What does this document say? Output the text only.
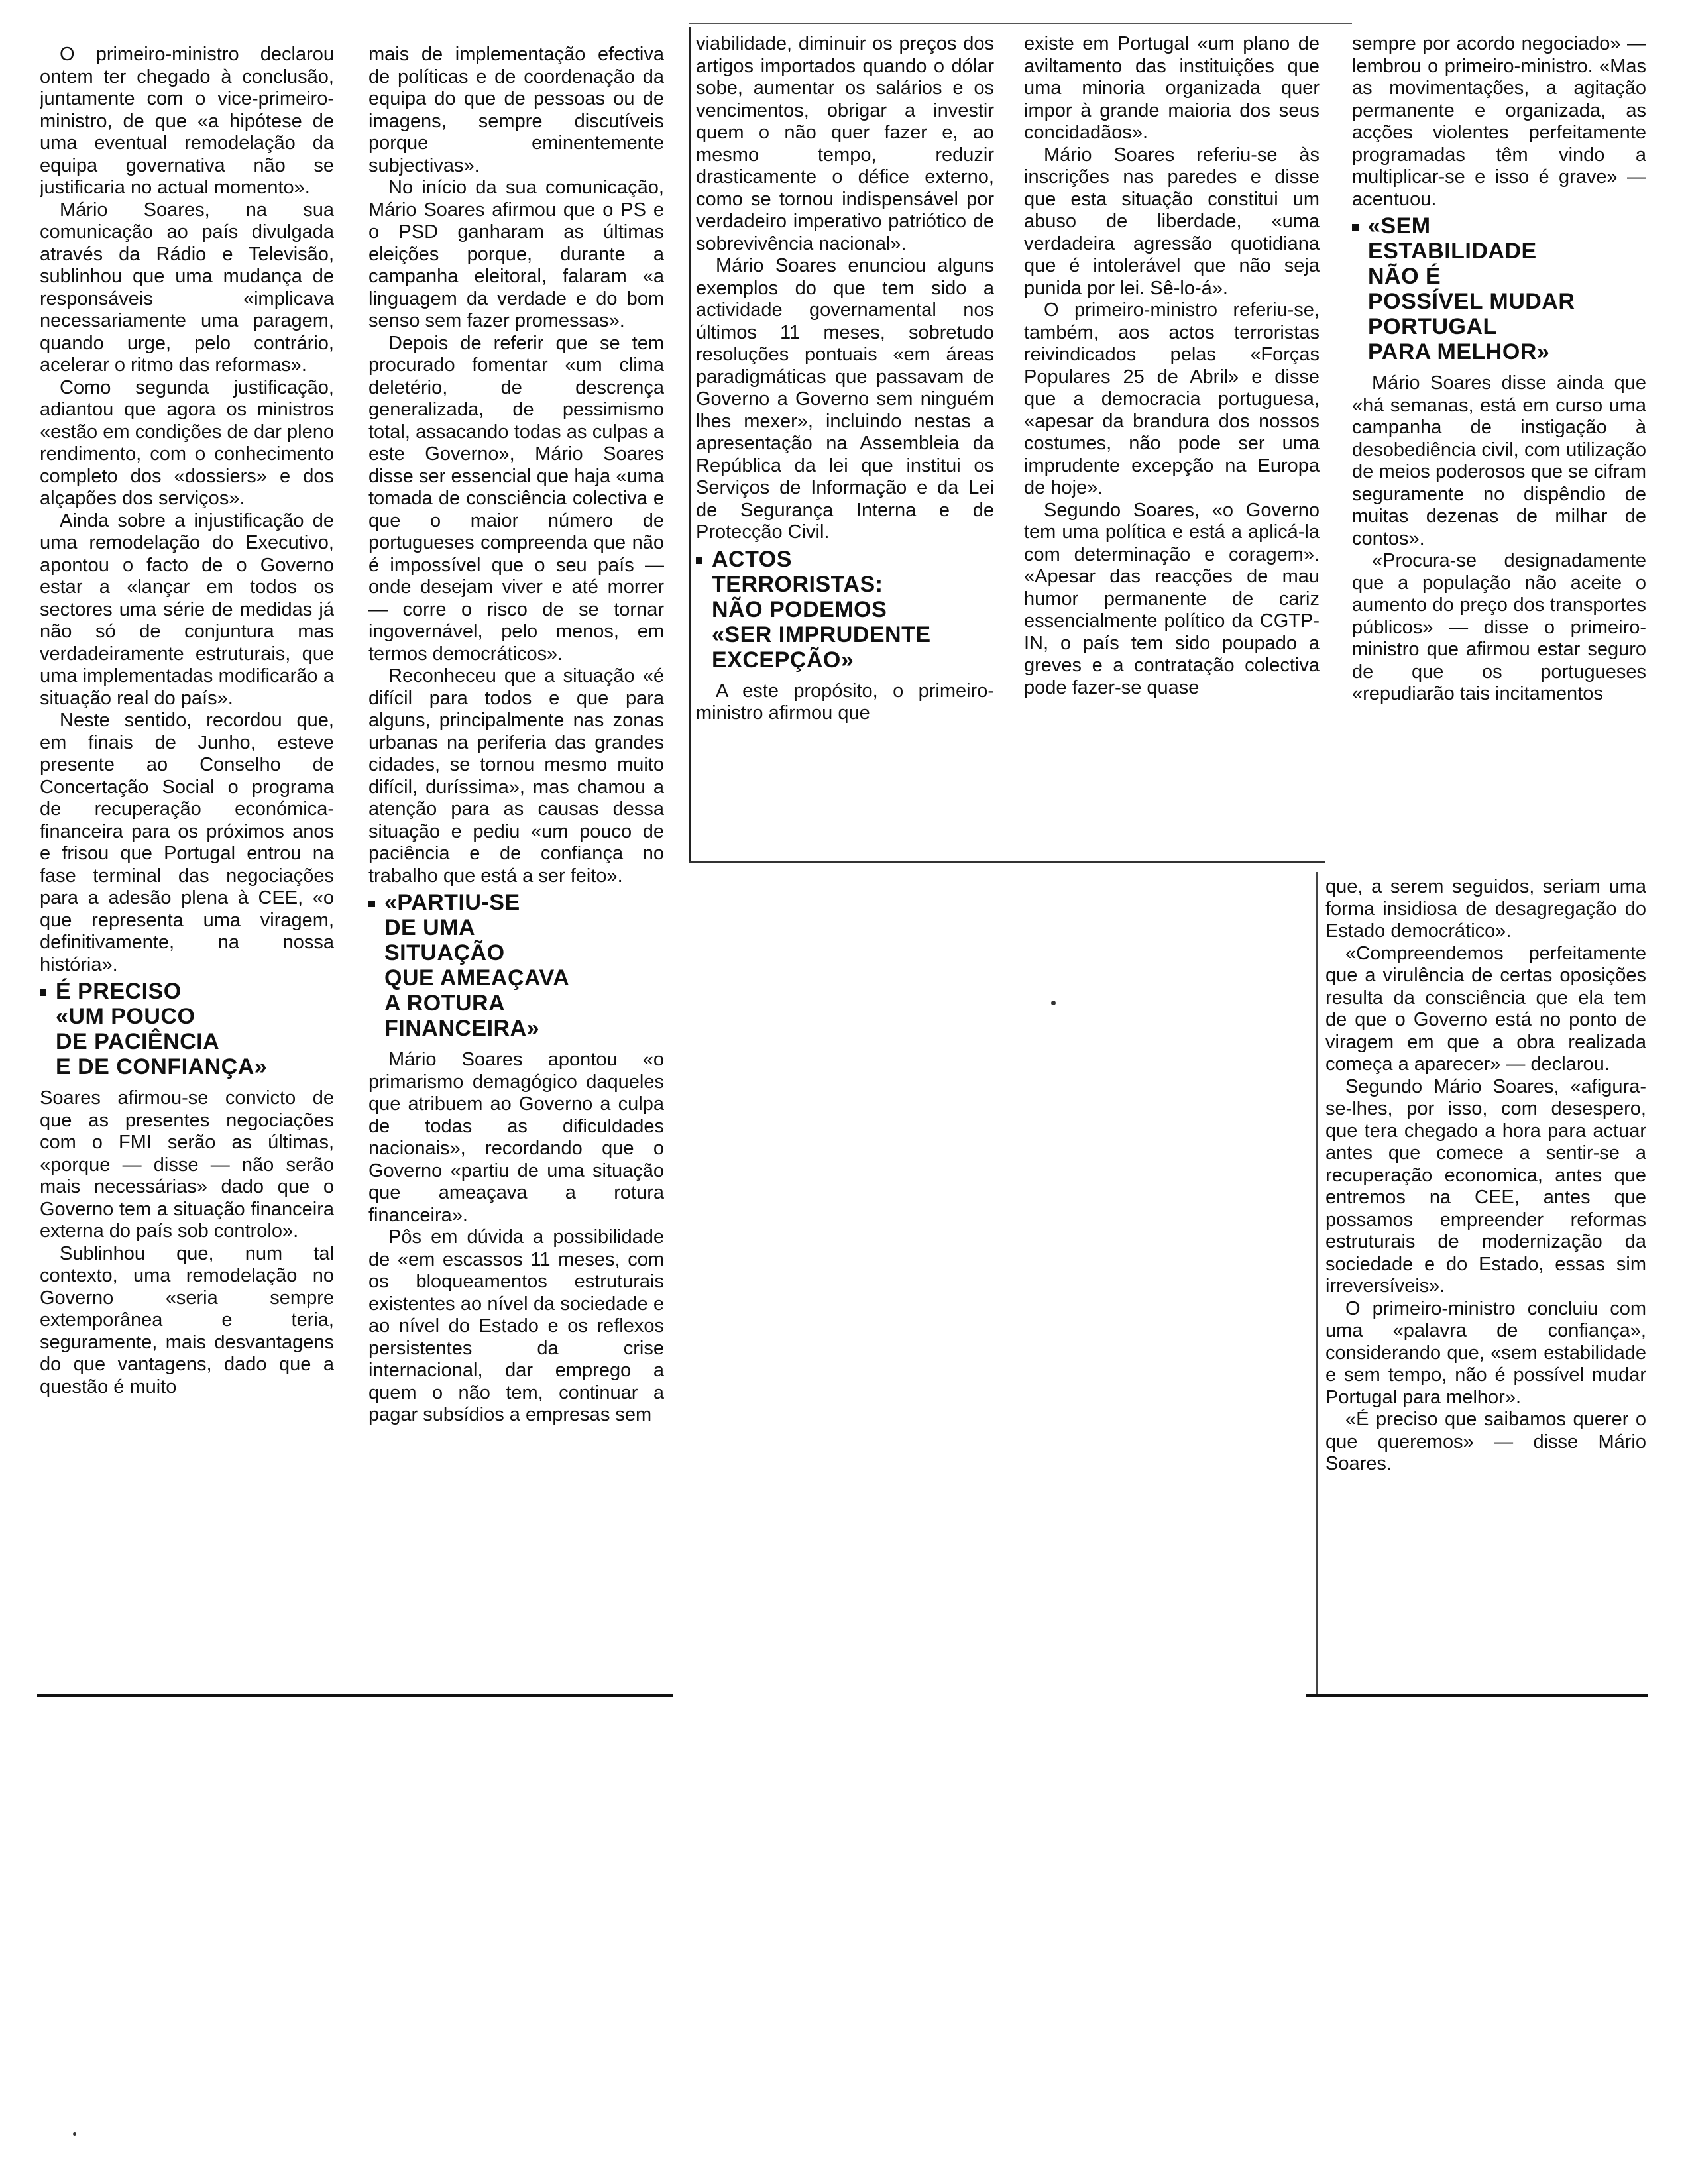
O primeiro-ministro declarou ontem ter chegado à conclusão, juntamente com o vice-primeiro-ministro, de que «a hipótese de uma eventual remodelação da equipa governativa não se justificaria no actual momento».

Mário Soares, na sua comunicação ao país divulgada através da Rádio e Televisão, sublinhou que uma mudança de responsáveis «implicava necessariamente uma paragem, quando urge, pelo contrário, acelerar o ritmo das reformas».

Como segunda justificação, adiantou que agora os ministros «estão em condições de dar pleno rendimento, com o conhecimento completo dos «dossiers» e dos alçapões dos serviços».

Ainda sobre a injustificação de uma remodelação do Executivo, apontou o facto de o Governo estar a «lançar em todos os sectores uma série de medidas já não só de conjuntura mas verdadeiramente estruturais, que uma implementadas modificarão a situação real do país».

Neste sentido, recordou que, em finais de Junho, esteve presente ao Conselho de Concertação Social o programa de recuperação económica-financeira para os próximos anos e frisou que Portugal entrou na fase terminal das negociações para a adesão plena à CEE, «o que representa uma viragem, definitivamente, na nossa história».

É PRECISO
«UM POUCO
DE PACIÊNCIA
E DE CONFIANÇA»

Soares afirmou-se convicto de que as presentes negociações com o FMI serão as últimas, «porque — disse — não serão mais necessárias» dado que o Governo tem a situação financeira externa do país sob controlo».

Sublinhou que, num tal contexto, uma remodelação no Governo «seria sempre extemporânea e teria, seguramente, mais desvantagens do que vantagens, dado que a questão é muito

mais de implementação efectiva de políticas e de coordenação da equipa do que de pessoas ou de imagens, sempre discutíveis porque eminentemente subjectivas».

No início da sua comunicação, Mário Soares afirmou que o PS e o PSD ganharam as últimas eleições porque, durante a campanha eleitoral, falaram «a linguagem da verdade e do bom senso sem fazer promessas».

Depois de referir que se tem procurado fomentar «um clima deletério, de descrença generalizada, de pessimismo total, assacando todas as culpas a este Governo», Mário Soares disse ser essencial que haja «uma tomada de consciência colectiva e que o maior número de portugueses compreenda que não é impossível que o seu país — onde desejam viver e até morrer — corre o risco de se tornar ingovernável, pelo menos, em termos democráticos».

Reconheceu que a situação «é difícil para todos e que para alguns, principalmente nas zonas urbanas na periferia das grandes cidades, se tornou mesmo muito difícil, duríssima», mas chamou a atenção para as causas dessa situação e pediu «um pouco de paciência e de confiança no trabalho que está a ser feito».

«PARTIU-SE
DE UMA
SITUAÇÃO
QUE AMEAÇAVA
A ROTURA
FINANCEIRA»

Mário Soares apontou «o primarismo demagógico daqueles que atribuem ao Governo a culpa de todas as dificuldades nacionais», recordando que o Governo «partiu de uma situação que ameaçava a rotura financeira».

Pôs em dúvida a possibilidade de «em escassos 11 meses, com os bloqueamentos estruturais existentes ao nível da sociedade e ao nível do Estado e os reflexos persistentes da crise internacional, dar emprego a quem o não tem, continuar a pagar subsídios a empresas sem

viabilidade, diminuir os preços dos artigos importados quando o dólar sobe, aumentar os salários e os vencimentos, obrigar a investir quem o não quer fazer e, ao mesmo tempo, reduzir drasticamente o défice externo, como se tornou indispensável por verdadeiro imperativo patriótico de sobrevivência nacional».

Mário Soares enunciou alguns exemplos do que tem sido a actividade governamental nos últimos 11 meses, sobretudo resoluções pontuais «em áreas paradigmáticas que passavam de Governo a Governo sem ninguém lhes mexer», incluindo nestas a apresentação na Assembleia da República da lei que institui os Serviços de Informação e da Lei de Segurança Interna e de Protecção Civil.

ACTOS
TERRORISTAS:
NÃO PODEMOS
«SER IMPRUDENTE
EXCEPÇÃO»

A este propósito, o primeiro-ministro afirmou que

existe em Portugal «um plano de aviltamento das instituições que uma minoria organizada quer impor à grande maioria dos seus concidadãos».

Mário Soares referiu-se às inscrições nas paredes e disse que esta situação constitui um abuso de liberdade, «uma verdadeira agressão quotidiana que é intolerável que não seja punida por lei. Sê-lo-á».

O primeiro-ministro referiu-se, também, aos actos terroristas reivindicados pelas «Forças Populares 25 de Abril» e disse que a democracia portuguesa, «apesar da brandura dos nossos costumes, não pode ser uma imprudente excepção na Europa de hoje».

Segundo Soares, «o Governo tem uma política e está a aplicá-la com determinação e coragem». «Apesar das reacções de mau humor permanente de cariz essencialmente político da CGTP-IN, o país tem sido poupado a greves e a contratação colectiva pode fazer-se quase

sempre por acordo negociado» — lembrou o primeiro-ministro. «Mas as movimentações, a agitação permanente e organizada, as acções violentes perfeitamente programadas têm vindo a multiplicar-se e isso é grave» — acentuou.

«SEM
ESTABILIDADE
NÃO É
POSSÍVEL MUDAR
PORTUGAL
PARA MELHOR»

Mário Soares disse ainda que «há semanas, está em curso uma campanha de instigação à desobediência civil, com utilização de meios poderosos que se cifram seguramente no dispêndio de muitas dezenas de milhar de contos».

«Procura-se designadamente que a população não aceite o aumento do preço dos transportes públicos» — disse o primeiro-ministro que afirmou estar seguro de que os portugueses «repudiarão tais incitamentos

que, a serem seguidos, seriam uma forma insidiosa de desagregação do Estado democrático».

«Compreendemos perfeitamente que a virulência de certas oposições resulta da consciência que ela tem de que o Governo está no ponto de viragem em que a obra realizada começa a aparecer» — declarou.

Segundo Mário Soares, «afigura-se-lhes, por isso, com desespero, que tera chegado a hora para actuar antes que comece a sentir-se a recuperação economica, antes que entremos na CEE, antes que possamos empreender reformas estruturais de modernização da sociedade e do Estado, essas sim irreversíveis».

O primeiro-ministro concluiu com uma «palavra de confiança», considerando que, «sem estabilidade e sem tempo, não é possível mudar Portugal para melhor».

«É preciso que saibamos querer o que queremos» — disse Mário Soares.
